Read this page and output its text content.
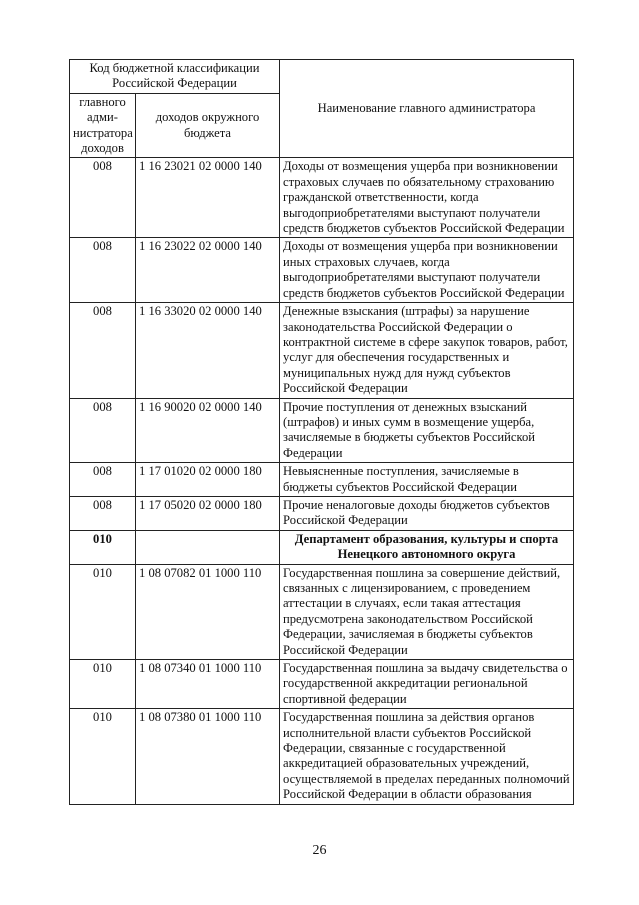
Код бюджетной классификации Российской Федерации		Наименование главного администратора
главного адми-нистратора доходов	доходов окружного бюджета	
008	1 16 23021 02 0000 140	Доходы от возмещения ущерба при возникновении страховых случаев по обязательному страхованию гражданской ответственности, когда выгодоприобретателями выступают получатели средств бюджетов субъектов Российской Федерации
008	1 16 23022 02 0000 140	Доходы от возмещения ущерба при возникновении иных страховых случаев, когда выгодоприобретателями выступают получатели средств бюджетов субъектов Российской Федерации
008	1 16 33020 02 0000 140	Денежные взыскания (штрафы) за нарушение законодательства Российской Федерации о контрактной системе в сфере закупок товаров, работ, услуг для обеспечения государственных и муниципальных нужд для нужд субъектов Российской Федерации
008	1 16 90020 02 0000 140	Прочие поступления от денежных взысканий (штрафов) и иных сумм в возмещение ущерба, зачисляемые в бюджеты субъектов Российской Федерации
008	1 17 01020 02 0000 180	Невыясненные поступления, зачисляемые в бюджеты субъектов Российской Федерации
008	1 17 05020 02 0000 180	Прочие неналоговые доходы бюджетов субъектов Российской Федерации
010		Департамент образования, культуры и спорта Ненецкого автономного округа
010	1 08 07082 01 1000 110	Государственная пошлина за совершение действий, связанных с лицензированием, с проведением аттестации в случаях, если такая аттестация предусмотрена законодательством Российской Федерации, зачисляемая в бюджеты субъектов Российской Федерации
010	1 08 07340 01 1000 110	Государственная пошлина за выдачу свидетельства о государственной аккредитации региональной спортивной федерации
010	1 08 07380 01 1000 110	Государственная пошлина за действия органов исполнительной власти субъектов Российской Федерации, связанные с государственной аккредитацией образовательных учреждений, осуществляемой в пределах переданных полномочий Российской Федерации в области образования
26
